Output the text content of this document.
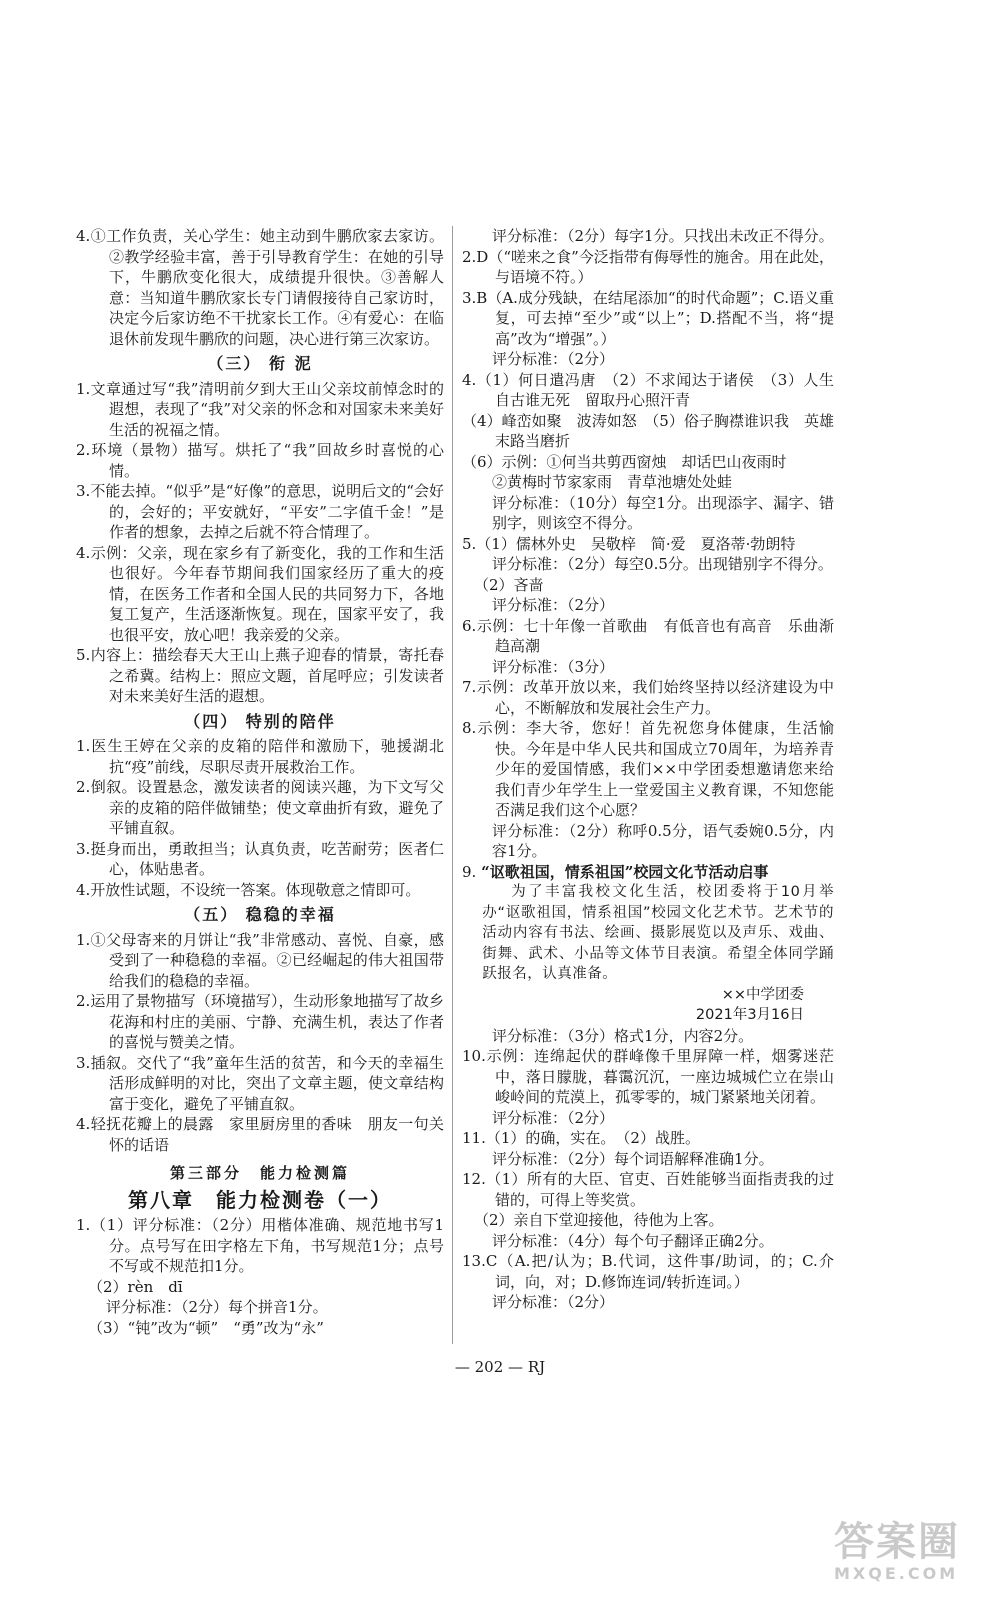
4.①工作负责，关心学生：她主动到牛鹏欣家去家访。②教学经验丰富，善于引导教育学生：在她的引导下，牛鹏欣变化很大，成绩提升很快。③善解人意：当知道牛鹏欣家长专门请假接待自己家访时，决定今后家访绝不干扰家长工作。④有爱心：在临退休前发现牛鹏欣的问题，决心进行第三次家访。

（三） 衔 泥

1.文章通过写“我”清明前夕到大王山父亲坟前悼念时的遐想，表现了“我”对父亲的怀念和对国家未来美好生活的祝福之情。

2.环境（景物）描写。烘托了“我”回故乡时喜悦的心情。

3.不能去掉。“似乎”是“好像”的意思，说明后文的“会好的，会好的；平安就好，“平安”二字值千金！”是作者的想象，去掉之后就不符合情理了。

4.示例：父亲，现在家乡有了新变化，我的工作和生活也很好。今年春节期间我们国家经历了重大的疫情，在医务工作者和全国人民的共同努力下，各地复工复产，生活逐渐恢复。现在，国家平安了，我也很平安，放心吧！我亲爱的父亲。

5.内容上：描绘春天大王山上燕子迎春的情景，寄托春之希冀。结构上：照应文题，首尾呼应；引发读者对未来美好生活的遐想。

（四） 特别的陪伴

1.医生王婷在父亲的皮箱的陪伴和激励下，驰援湖北抗“疫”前线，尽职尽责开展救治工作。

2.倒叙。设置悬念，激发读者的阅读兴趣，为下文写父亲的皮箱的陪伴做铺垫；使文章曲折有致，避免了平铺直叙。

3.挺身而出，勇敢担当；认真负责，吃苦耐劳；医者仁心，体贴患者。

4.开放性试题，不设统一答案。体现敬意之情即可。

（五） 稳稳的幸福

1.①父母寄来的月饼让“我”非常感动、喜悦、自豪，感受到了一种稳稳的幸福。②已经崛起的伟大祖国带给我们的稳稳的幸福。

2.运用了景物描写（环境描写），生动形象地描写了故乡花海和村庄的美丽、宁静、充满生机，表达了作者的喜悦与赞美之情。

3.插叙。交代了“我”童年生活的贫苦，和今天的幸福生活形成鲜明的对比，突出了文章主题，使文章结构富于变化，避免了平铺直叙。

4.轻抚花瓣上的晨露　家里厨房里的香味　朋友一句关怀的话语

第三部分　能力检测篇
第八章　能力检测卷（一）

1.（1）评分标准：（2分）用楷体准确、规范地书写1分。点号写在田字格左下角，书写规范1分；点号不写或不规范扣1分。

（2）rèn　dī

评分标准：（2分）每个拼音1分。

（3）“钝”改为“顿”　“勇”改为“永”

评分标准：（2分）每字1分。只找出未改正不得分。

2.D（“嗟来之食”今泛指带有侮辱性的施舍。用在此处，与语境不符。）

3.B（A.成分残缺，在结尾添加“的时代命题”；C.语义重复，可去掉“至少”或“以上”；D.搭配不当，将“提高”改为“增强”。）

评分标准：（2分）

4.（1）何日遣冯唐　（2）不求闻达于诸侯　（3）人生自古谁无死　留取丹心照汗青

（4）峰峦如聚　波涛如怒　（5）俗子胸襟谁识我　英雄末路当磨折

（6）示例：①何当共剪西窗烛　却话巴山夜雨时

②黄梅时节家家雨　青草池塘处处蛙

评分标准：（10分）每空1分。出现添字、漏字、错别字，则该空不得分。

5.（1）儒林外史　吴敬梓　简·爱　夏洛蒂·勃朗特

评分标准：（2分）每空0.5分。出现错别字不得分。

（2）吝啬

评分标准：（2分）

6.示例：七十年像一首歌曲　有低音也有高音　乐曲渐趋高潮

评分标准：（3分）

7.示例：改革开放以来，我们始终坚持以经济建设为中心，不断解放和发展社会生产力。

8.示例：李大爷，您好！首先祝您身体健康，生活愉快。今年是中华人民共和国成立70周年，为培养青少年的爱国情感，我们××中学团委想邀请您来给我们青少年学生上一堂爱国主义教育课，不知您能否满足我们这个心愿？

评分标准：（2分）称呼0.5分，语气委婉0.5分，内容1分。

9. “讴歌祖国，情系祖国”校园文化节活动启事

为了丰富我校文化生活，校团委将于10月举办“讴歌祖国，情系祖国”校园文化艺术节。艺术节的活动内容有书法、绘画、摄影展览以及声乐、戏曲、街舞、武术、小品等文体节目表演。希望全体同学踊跃报名，认真准备。

××中学团委
2021年3月16日

评分标准：（3分）格式1分，内容2分。

10.示例：连绵起伏的群峰像千里屏障一样，烟雾迷茫中，落日朦胧，暮霭沉沉，一座边城城伫立在崇山峻岭间的荒漠上，孤零零的，城门紧紧地关闭着。

评分标准：（2分）

11.（1）的确，实在。　（2）战胜。

评分标准：（2分）每个词语解释准确1分。

12.（1）所有的大臣、官吏、百姓能够当面指责我的过错的，可得上等奖赏。

（2）亲自下堂迎接他，待他为上客。

评分标准：（4分）每个句子翻译正确2分。

13.C（A.把/认为；B.代词，这件事/助词，的；C.介词，向，对；D.修饰连词/转折连词。）

评分标准：（2分）

— 202 — RJ
答案圈
MXQE.COM
